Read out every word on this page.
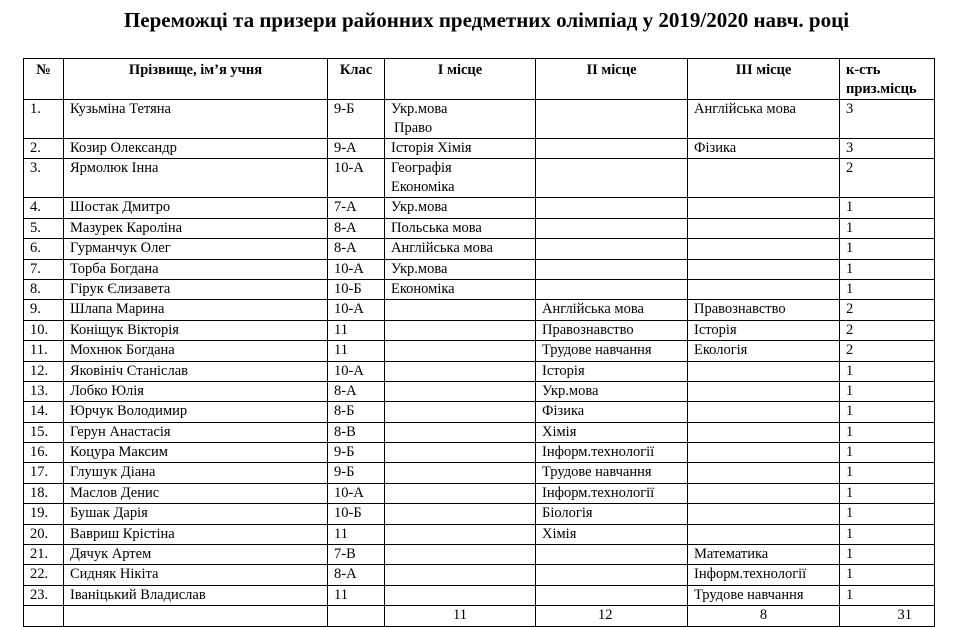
Переможці та призери районних предметних олімпіад у 2019/2020 навч. році
№	Прізвище, ім’я учня	Клас	I місце	II місце	III місце	к-сть приз.місць
1.	Кузьміна Тетяна	9-Б	Укр.мова
Право		Англійська мова	3
2.	Козир Олександр	9-А	Історія Хімія		Фізика	3
3.	Ярмолюк Інна	10-А	Географія
Економіка			2
4.	Шостак Дмитро	7-А	Укр.мова			1
5.	Мазурек Кароліна	8-А	Польська мова			1
6.	Гурманчук Олег	8-А	Англійська мова			1
7.	Торба Богдана	10-А	Укр.мова			1
8.	Гірук Єлизавета	10-Б	Економіка			1
9.	Шлапа Марина	10-А		Англійська мова	Правознавство	2
10.	Коніщук Вікторія	11		Правознавство	Історія	2
11.	Мохнюк Богдана	11		Трудове навчання	Екологія	2
12.	Яковініч Станіслав	10-А		Історія		1
13.	Лобко Юлія	8-А		Укр.мова		1
14.	Юрчук Володимир	8-Б		Фізика		1
15.	Герун Анастасія	8-В		Хімія		1
16.	Коцура Максим	9-Б		Інформ.технології		1
17.	Глушук Діана	9-Б		Трудове навчання		1
18.	Маслов Денис	10-А		Інформ.технології		1
19.	Бушак Дарія	10-Б		Біологія		1
20.	Вавриш Крістіна	11		Хімія		1
21.	Дячук Артем	7-В			Математика	1
22.	Сидняк Нікіта	8-А			Інформ.технології	1
23.	Іваніцький Владислав	11			Трудове навчання	1
			11	12	8	31
